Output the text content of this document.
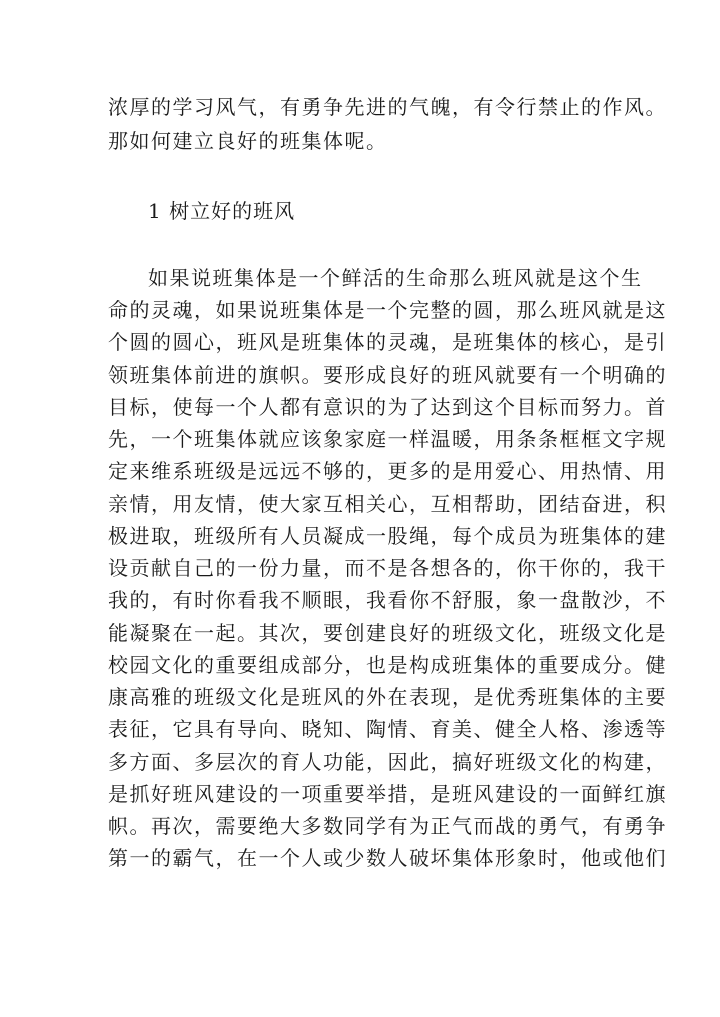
浓厚的学习风气，有勇争先进的气魄，有令行禁止的作风。
那如何建立良好的班集体呢。
1 树立好的班风
如果说班集体是一个鲜活的生命那么班风就是这个生
命的灵魂，如果说班集体是一个完整的圆，那么班风就是这
个圆的圆心，班风是班集体的灵魂，是班集体的核心，是引
领班集体前进的旗帜。要形成良好的班风就要有一个明确的
目标，使每一个人都有意识的为了达到这个目标而努力。首
先，一个班集体就应该象家庭一样温暖，用条条框框文字规
定来维系班级是远远不够的，更多的是用爱心、用热情、用
亲情，用友情，使大家互相关心，互相帮助，团结奋进，积
极进取，班级所有人员凝成一股绳，每个成员为班集体的建
设贡献自己的一份力量，而不是各想各的，你干你的，我干
我的，有时你看我不顺眼，我看你不舒服，象一盘散沙，不
能凝聚在一起。其次，要创建良好的班级文化，班级文化是
校园文化的重要组成部分，也是构成班集体的重要成分。健
康高雅的班级文化是班风的外在表现，是优秀班集体的主要
表征，它具有导向、晓知、陶情、育美、健全人格、渗透等
多方面、多层次的育人功能，因此，搞好班级文化的构建，
是抓好班风建设的一项重要举措，是班风建设的一面鲜红旗
帜。再次，需要绝大多数同学有为正气而战的勇气，有勇争
第一的霸气，在一个人或少数人破坏集体形象时，他或他们
